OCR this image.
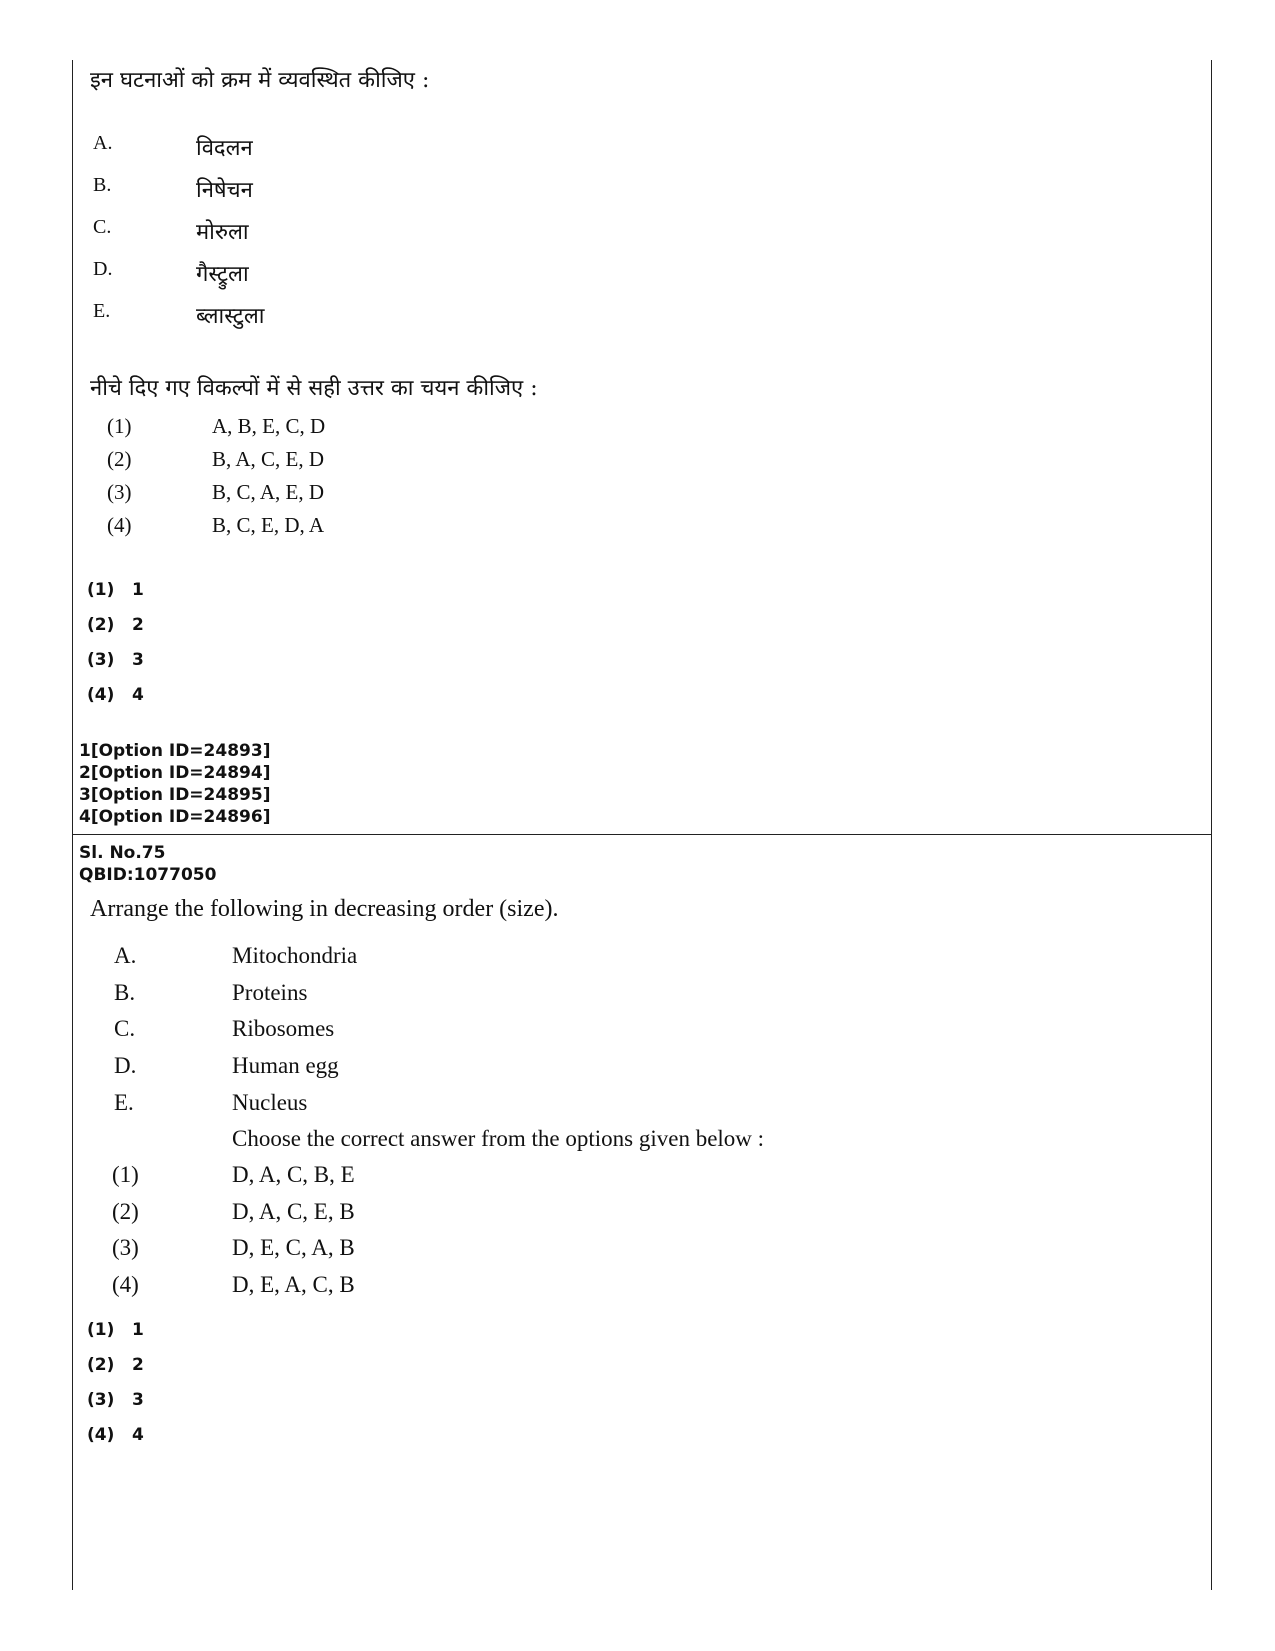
इन घटनाओं को क्रम में व्यवस्थित कीजिए :
A.	विदलन
B.	निषेचन
C.	मोरुला
D.	गैस्ट्रुला
E.	ब्लास्टुला
नीचे दिए गए विकल्पों में से सही उत्तर का चयन कीजिए :
(1)	A, B, E, C, D
(2)	B, A, C, E, D
(3)	B, C, A, E, D
(4)	B, C, E, D, A
(1) 1
(2) 2
(3) 3
(4) 4
1[Option ID=24893]
2[Option ID=24894]
3[Option ID=24895]
4[Option ID=24896]
Sl. No.75
QBID:1077050
Arrange the following in decreasing order (size).
A.	Mitochondria
B.	Proteins
C.	Ribosomes
D.	Human egg
E.	Nucleus
Choose the correct answer from the options given below :
(1)	D, A, C, B, E
(2)	D, A, C, E, B
(3)	D, E, C, A, B
(4)	D, E, A, C, B
(1) 1
(2) 2
(3) 3
(4) 4
